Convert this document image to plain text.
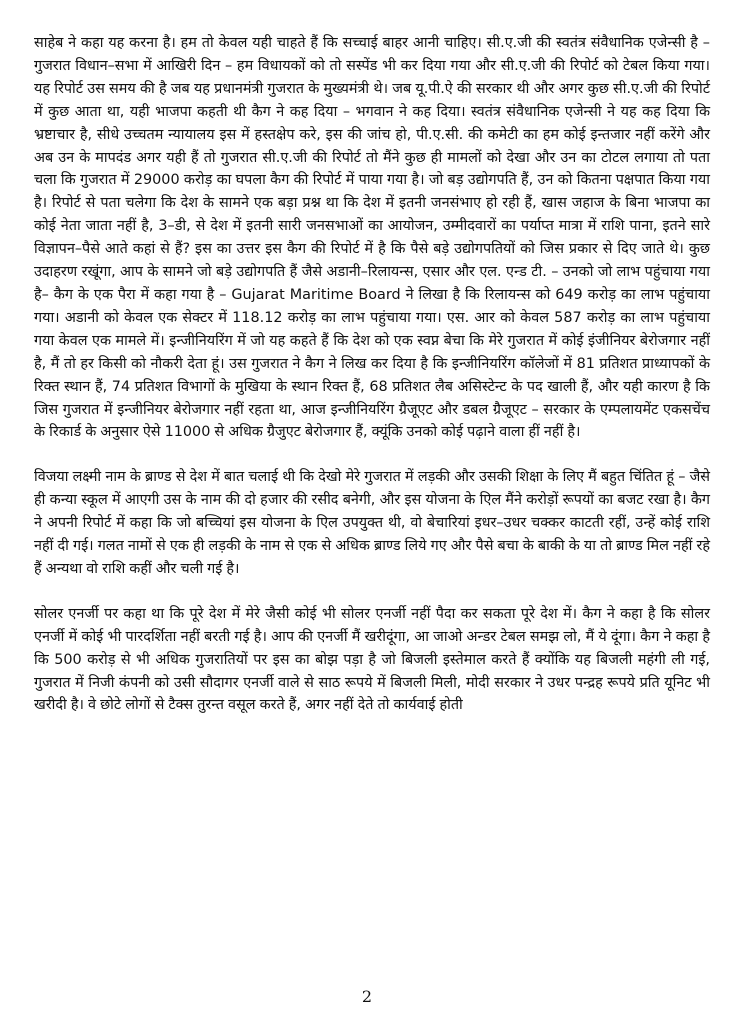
साहेब ने कहा यह करना है। हम तो केवल यही चाहते हैं कि सच्चाई बाहर आनी चाहिए। सी.ए.जी की स्वतंत्र संवैधानिक एजेन्सी है – गुजरात विधान–सभा में आखिरी दिन – हम विधायकों को तो सस्पेंड भी कर दिया गया और सी.ए.जी की रिपोर्ट को टेबल किया गया। यह रिपोर्ट उस समय की है जब यह प्रधानमंत्री गुजरात के मुख्यमंत्री थे। जब यू.पी.ऐ की सरकार थी और अगर कुछ सी.ए.जी की रिपोर्ट में कुछ आता था, यही भाजपा कहती थी कैग ने कह दिया – भगवान ने कह दिया। स्वतंत्र संवैधानिक एजेन्सी ने यह कह दिया कि भ्रष्टाचार है, सीधे उच्चतम न्यायालय इस में हस्तक्षेप करे, इस की जांच हो, पी.ए.सी. की कमेटी का हम कोई इन्तजार नहीं करेंगे और अब उन के मापदंड अगर यही हैं तो गुजरात सी.ए.जी की रिपोर्ट तो मैंने कुछ ही मामलों को देखा और उन का टोटल लगाया तो पता चला कि गुजरात में 29000 करोड़ का घपला कैग की रिपोर्ट में पाया गया है। जो बड़ उद्योगपति हैं, उन को कितना पक्षपात किया गया है। रिपोर्ट से पता चलेगा कि देश के सामने एक बड़ा प्रश्न था कि देश में इतनी जनसंभाए हो रही हैं, खास जहाज के बिना भाजपा का कोई नेता जाता नहीं है, 3–डी, से देश में इतनी सारी जनसभाओं का आयोजन, उम्मीदवारों का पर्याप्त मात्रा में राशि पाना, इतने सारे विज्ञापन–पैसे आते कहां से हैं? इस का उत्तर इस कैग की रिपोर्ट में है कि पैसे बड़े उद्योगपतियों को जिस प्रकार से दिए जाते थे। कुछ उदाहरण रखूंगा, आप के सामने जो बड़े उद्योगपति हैं जैसे अडानी–रिलायन्स, एसार और एल. एन्ड टी. – उनको जो लाभ पहुंचाया गया है– कैग के एक पैरा में कहा गया है – Gujarat Maritime Board ने लिखा है कि रिलायन्स को 649 करोड़ का लाभ पहुंचाया गया। अडानी को केवल एक सेक्टर में 118.12 करोड़ का लाभ पहुंचाया गया। एस. आर को केवल 587 करोड़ का लाभ पहुंचाया गया केवल एक मामले में। इन्जीनियरिंग में जो यह कहते हैं कि देश को एक स्वप्न बेचा कि मेरे गुजरात में कोई इंजीनियर बेरोजगार नहीं है, मैं तो हर किसी को नौकरी देता हूं। उस गुजरात ने कैग ने लिख कर दिया है कि इन्जीनियरिंग कॉलेजों में 81 प्रतिशत प्राध्यापकों के रिक्त स्थान हैं, 74 प्रतिशत विभागों के मुखिया के स्थान रिक्त हैं, 68 प्रतिशत लैब असिस्टेन्ट के पद खाली हैं, और यही कारण है कि जिस गुजरात में इन्जीनियर बेरोजगार नहीं रहता था, आज इन्जीनियरिंग ग्रैजूएट और डबल ग्रैजूएट – सरकार के एम्पलायमेंट एकसचेंच के रिकार्ड के अनुसार ऐसे 11000 से अधिक ग्रैजुएट बेरोजगार हैं, क्यूंकि उनको कोई पढ़ाने वाला हीं नहीं है।

विजया लक्ष्मी नाम के ब्राण्ड से देश में बात चलाई थी कि देखो मेरे गुजरात में लड़की और उसकी शिक्षा के लिए मैं बहुत चिंतित हूं – जैसे ही कन्या स्कूल में आएगी उस के नाम की दो हजार की रसीद बनेगी, और इस योजना के एिल मैंने करोड़ों रूपयों का बजट रखा है। कैग ने अपनी रिपोर्ट में कहा कि जो बच्चियां इस योजना के एिल उपयुक्त थी, वो बेचारियां इधर–उधर चक्कर काटती रहीं, उन्हें कोई राशि नहीं दी गई। गलत नामों से एक ही लड़की के नाम से एक से अधिक ब्राण्ड लिये गए और पैसे बचा के बाकी के या तो ब्राण्ड मिल नहीं रहे हैं अन्यथा वो राशि कहीं और चली गई है।

सोलर एनर्जी पर कहा था कि पूरे देश में मेरे जैसी कोई भी सोलर एनर्जी नहीं पैदा कर सकता पूरे देश में। कैग ने कहा है कि सोलर एनर्जी में कोई भी पारदर्शिता नहीं बरती गई है। आप की एनर्जी मैं खरीदूंगा, आ जाओ अन्डर टेबल समझ लो, मैं ये दूंगा। कैग ने कहा है कि 500 करोड़ से भी अधिक गुजरातियों पर इस का बोझ पड़ा है जो बिजली इस्तेमाल करते हैं क्योंकि यह बिजली महंगी ली गई, गुजरात में निजी कंपनी को उसी सौदागर एनर्जी वाले से साठ रूपये में बिजली मिली, मोदी सरकार ने उधर पन्द्रह रूपये प्रति यूनिट भी खरीदी है। वे छोटे लोगों से टैक्स तुरन्त वसूल करते हैं, अगर नहीं देते तो कार्यवाई होती

2
